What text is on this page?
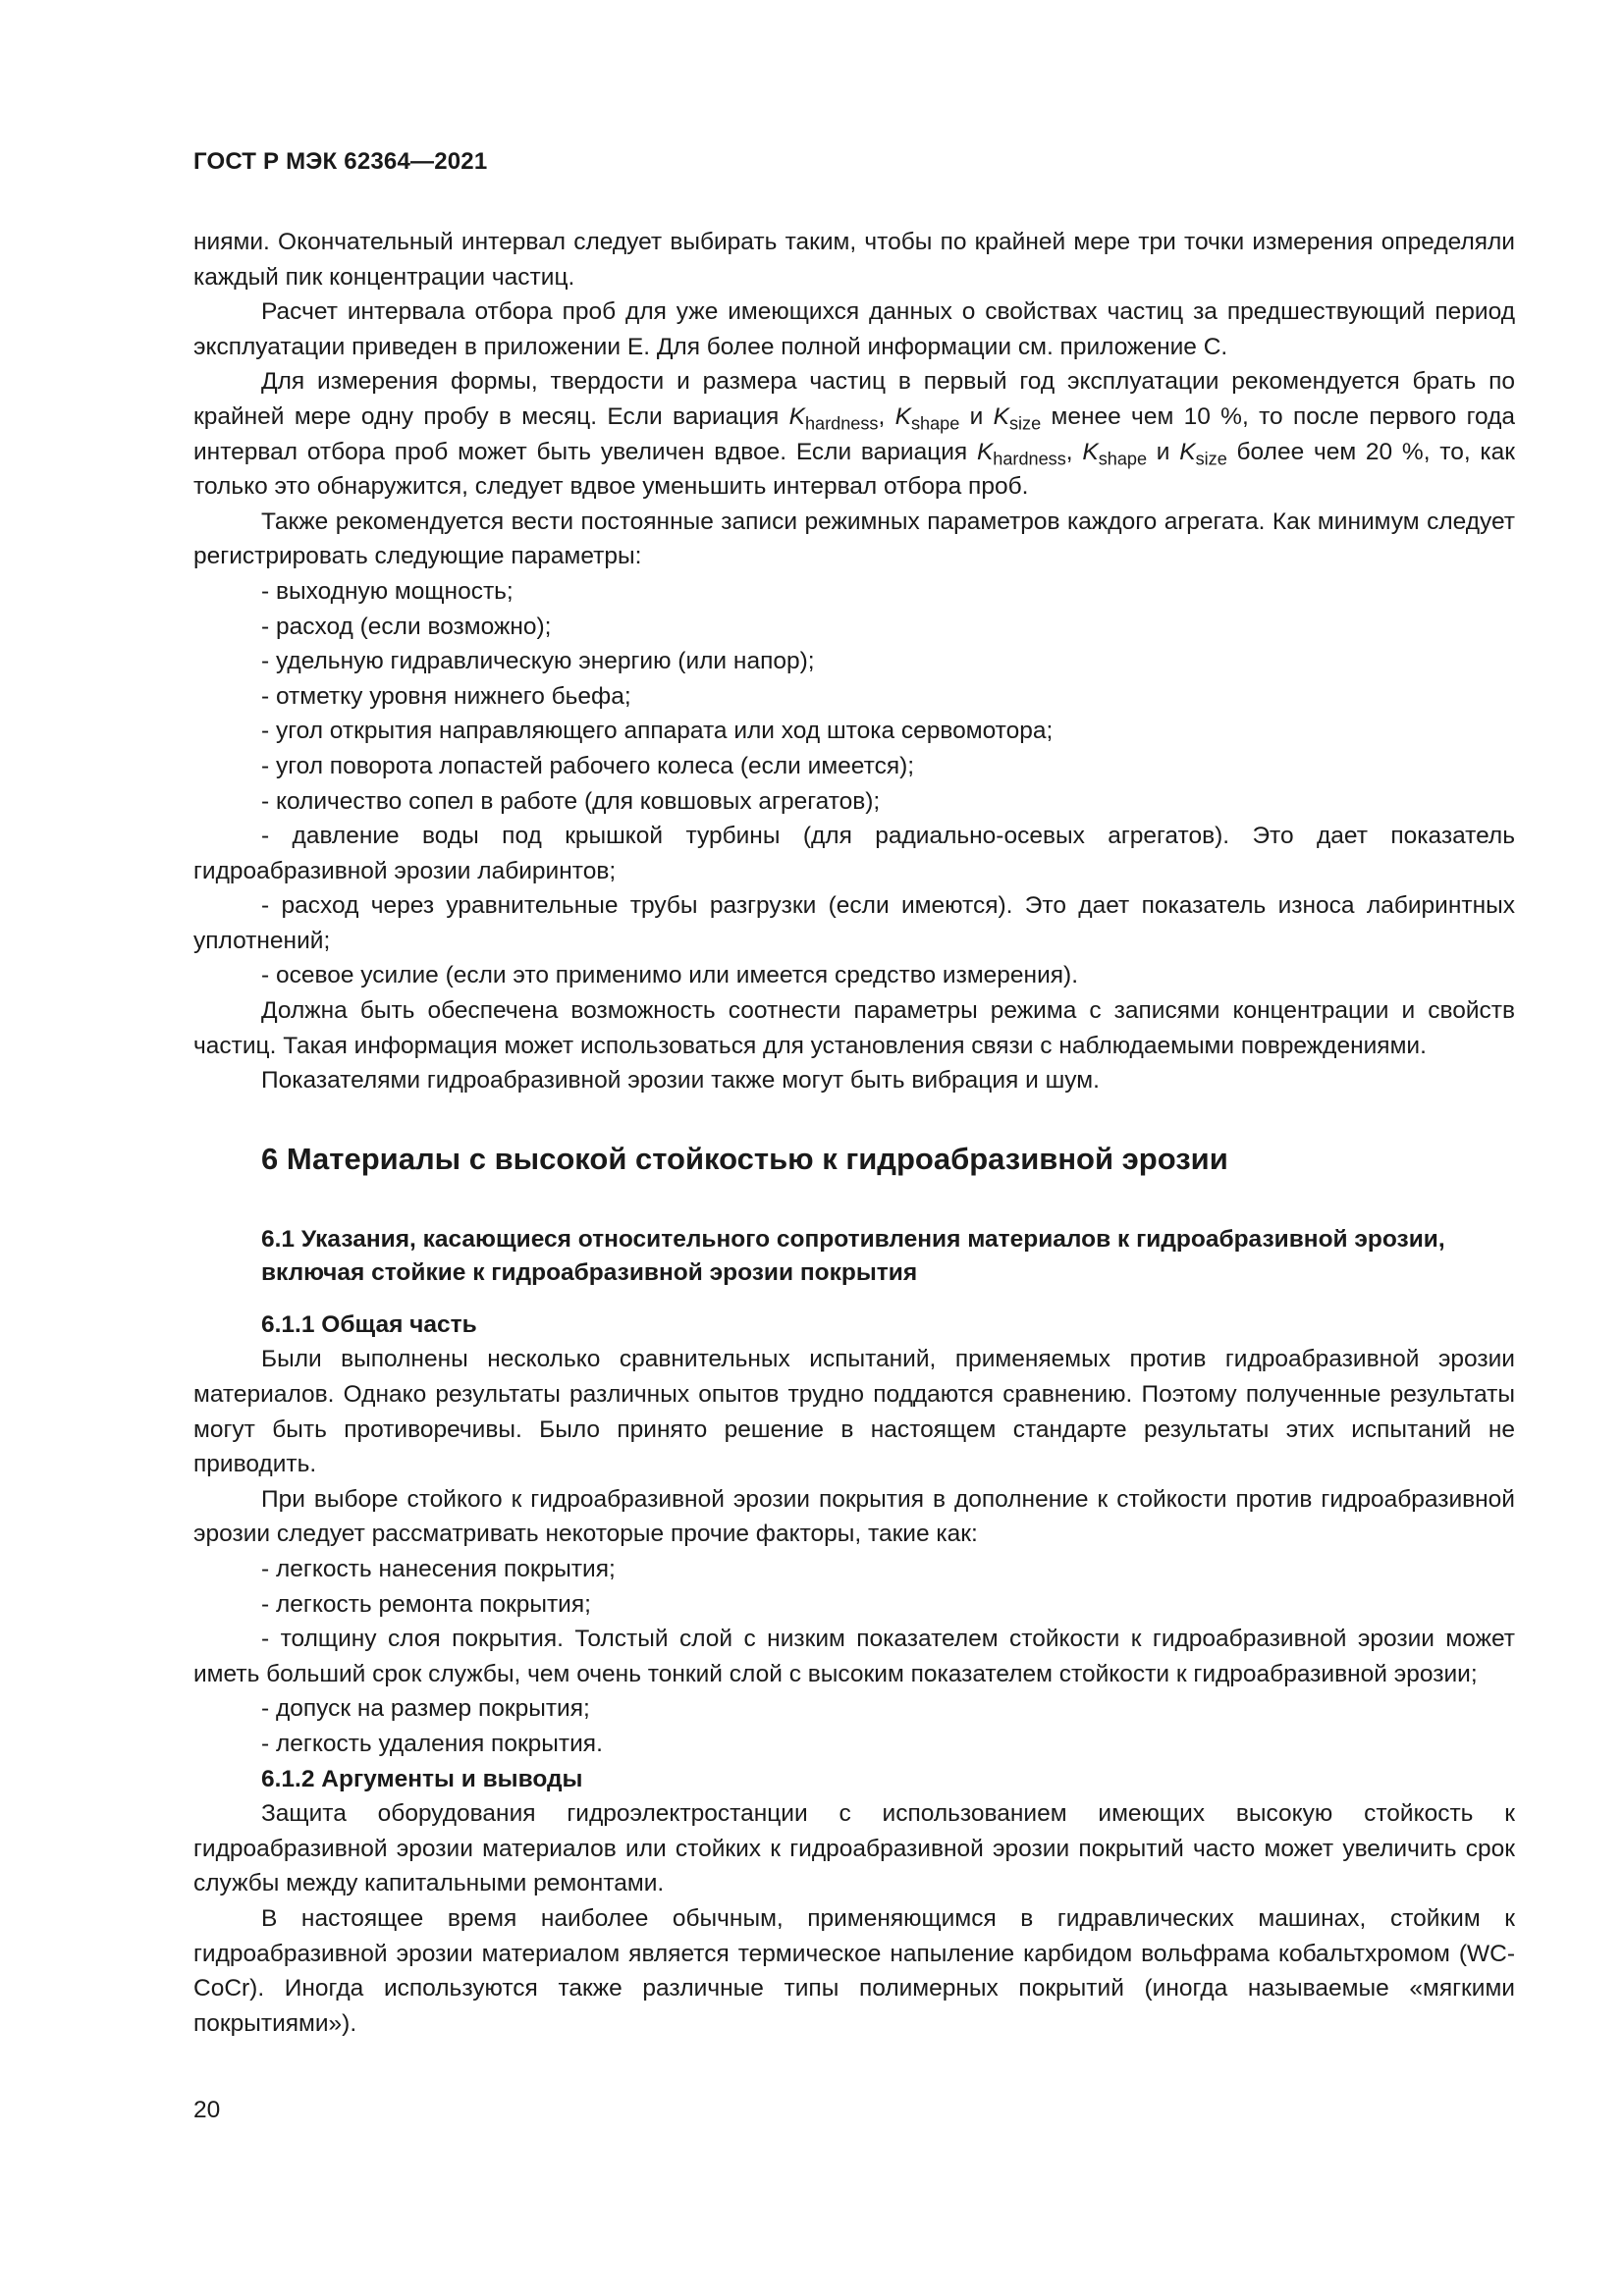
ГОСТ Р МЭК 62364—2021

ниями. Окончательный интервал следует выбирать таким, чтобы по крайней мере три точки измерения определяли каждый пик концентрации частиц.

Расчет интервала отбора проб для уже имеющихся данных о свойствах частиц за предшествующий период эксплуатации приведен в приложении Е. Для более полной информации см. приложение С.

Для измерения формы, твердости и размера частиц в первый год эксплуатации рекомендуется брать по крайней мере одну пробу в месяц. Если вариация $K_{hardness}$, $K_{shape}$ и $K_{size}$ менее чем 10 %, то после первого года интервал отбора проб может быть увеличен вдвое. Если вариация $K_{hardness}$, $K_{shape}$ и $K_{size}$ более чем 20 %, то, как только это обнаружится, следует вдвое уменьшить интервал отбора проб.

Также рекомендуется вести постоянные записи режимных параметров каждого агрегата. Как минимум следует регистрировать следующие параметры:

- выходную мощность;

- расход (если возможно);

- удельную гидравлическую энергию (или напор);

- отметку уровня нижнего бьефа;

- угол открытия направляющего аппарата или ход штока сервомотора;

- угол поворота лопастей рабочего колеса (если имеется);

- количество сопел в работе (для ковшовых агрегатов);

- давление воды под крышкой турбины (для радиально-осевых агрегатов). Это дает показатель гидроабразивной эрозии лабиринтов;

- расход через уравнительные трубы разгрузки (если имеются). Это дает показатель износа лабиринтных уплотнений;

- осевое усилие (если это применимо или имеется средство измерения).

Должна быть обеспечена возможность соотнести параметры режима с записями концентрации и свойств частиц. Такая информация может использоваться для установления связи с наблюдаемыми повреждениями.

Показателями гидроабразивной эрозии также могут быть вибрация и шум.

6 Материалы с высокой стойкостью к гидроабразивной эрозии
6.1 Указания, касающиеся относительного сопротивления материалов к гидроабразивной эрозии, включая стойкие к гидроабразивной эрозии покрытия
6.1.1 Общая часть

Были выполнены несколько сравнительных испытаний, применяемых против гидроабразивной эрозии материалов. Однако результаты различных опытов трудно поддаются сравнению. Поэтому полученные результаты могут быть противоречивы. Было принято решение в настоящем стандарте результаты этих испытаний не приводить.

При выборе стойкого к гидроабразивной эрозии покрытия в дополнение к стойкости против гидроабразивной эрозии следует рассматривать некоторые прочие факторы, такие как:

- легкость нанесения покрытия;

- легкость ремонта покрытия;

- толщину слоя покрытия. Толстый слой с низким показателем стойкости к гидроабразивной эрозии может иметь больший срок службы, чем очень тонкий слой с высоким показателем стойкости к гидроабразивной эрозии;

- допуск на размер покрытия;

- легкость удаления покрытия.

6.1.2 Аргументы и выводы

Защита оборудования гидроэлектростанции с использованием имеющих высокую стойкость к гидроабразивной эрозии материалов или стойких к гидроабразивной эрозии покрытий часто может увеличить срок службы между капитальными ремонтами.

В настоящее время наиболее обычным, применяющимся в гидравлических машинах, стойким к гидроабразивной эрозии материалом является термическое напыление карбидом вольфрама кобальтхромом (WC-CoCr). Иногда используются также различные типы полимерных покрытий (иногда называемые «мягкими покрытиями»).

20
